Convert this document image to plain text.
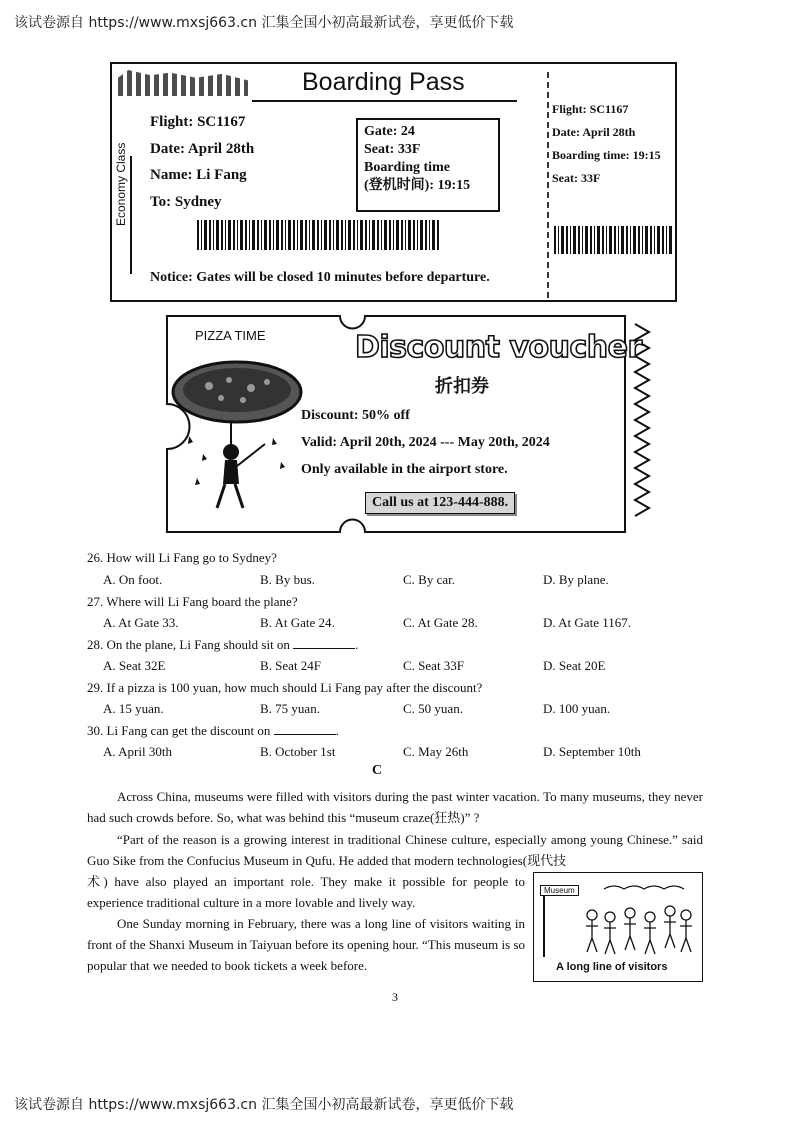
该试卷源自 https://www.mxsj663.cn 汇集全国小初高最新试卷，享更低价下载
Boarding Pass
Economy Class
Flight: SC1167
Date: April 28th
Name: Li Fang
To: Sydney
Gate: 24
Seat: 33F
Boarding time
(登机时间): 19:15
Notice: Gates will be closed 10 minutes before departure.
Flight: SC1167
Date: April 28th
Boarding time: 19:15
Seat: 33F
PIZZA TIME	Discount voucher
折扣券
Discount: 50% off
Valid: April 20th, 2024 --- May 20th, 2024
Only available in the airport store.
Call us at 123-444-888.
26. How will Li Fang go to Sydney?
A. On foot.	B. By bus.	C. By car.	D. By plane.
27. Where will Li Fang board the plane?
A. At Gate 33.	B. At Gate 24.	C. At Gate 28.	D. At Gate 1167.
28. On the plane, Li Fang should sit on	.
A. Seat 32E	B. Seat 24F	C. Seat 33F	D. Seat 20E
29. If a pizza is 100 yuan, how much should Li Fang pay after the discount?
A. 15 yuan.	B. 75 yuan.	C. 50 yuan.	D. 100 yuan.
30. Li Fang can get the discount on	.
A. April 30th	B. October 1st	C. May 26th	D. September 10th
C
Across China, museums were filled with visitors during the past winter vacation. To many museums, they never had such crowds before. So, what was behind this “museum craze(狂热)” ?
“Part of the reason is a growing interest in traditional Chinese culture, especially among young Chinese.” said Guo Sike from the Confucius Museum in Qufu. He added that modern technologies(现代技
术) have also played an important role. They make it possible for people to experience traditional culture in a more lovable and lively way.
One Sunday morning in February, there was a long line of visitors waiting in front of the Shanxi Museum in Taiyuan before its opening hour. “This museum is so popular that we needed to book tickets a week before.
Museum
A long line of visitors
3
该试卷源自 https://www.mxsj663.cn 汇集全国小初高最新试卷，享更低价下载
